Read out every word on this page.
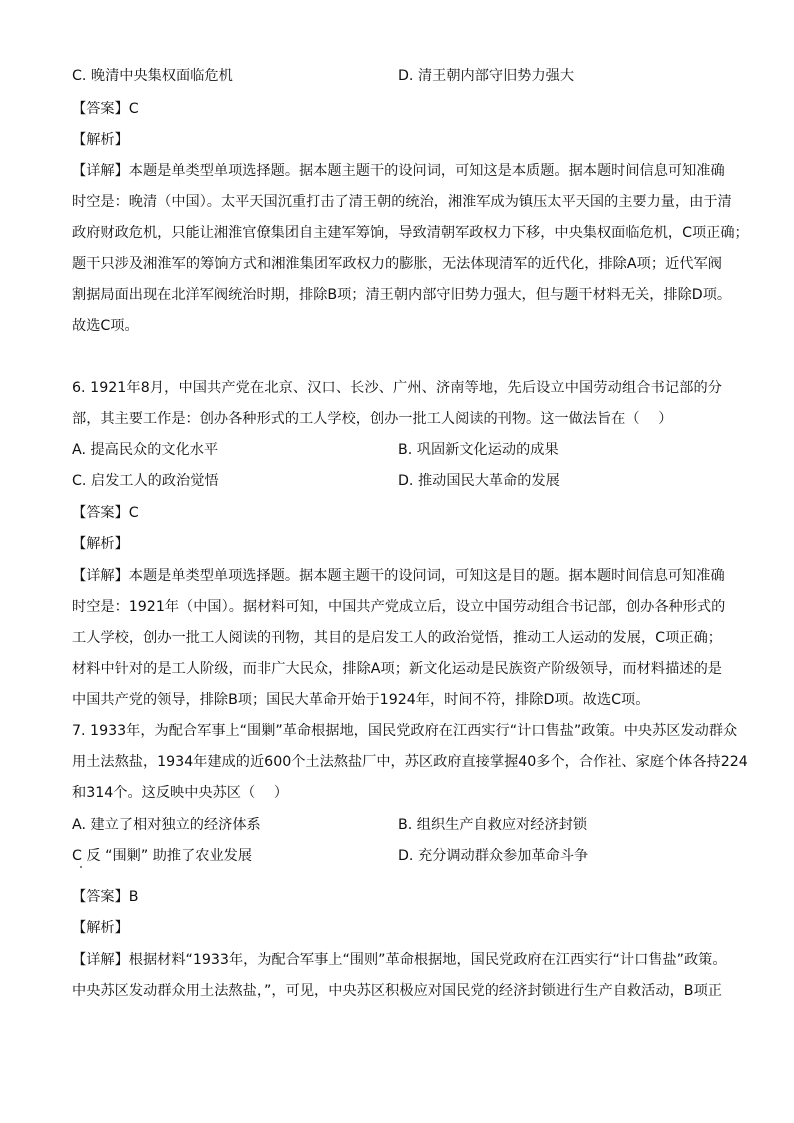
C. 晚清中央集权面临危机	D. 清王朝内部守旧势力强大
【答案】C
【解析】
【详解】本题是单类型单项选择题。据本题主题干的设问词，可知这是本质题。据本题时间信息可知准确
时空是：晚清（中国）。太平天国沉重打击了清王朝的统治，湘淮军成为镇压太平天国的主要力量，由于清
政府财政危机，只能让湘淮官僚集团自主建军筹饷，导致清朝军政权力下移，中央集权面临危机，C项正确；
题干只涉及湘淮军的筹饷方式和湘淮集团军政权力的膨胀，无法体现清军的近代化，排除A项；近代军阀
割据局面出现在北洋军阀统治时期，排除B项；清王朝内部守旧势力强大，但与题干材料无关，排除D项。
故选C项。
6. 1921年8月，中国共产党在北京、汉口、长沙、广州、济南等地，先后设立中国劳动组合书记部的分
部，其主要工作是：创办各种形式的工人学校，创办一批工人阅读的刊物。这一做法旨在（　 ）
A. 提高民众的文化水平	B. 巩固新文化运动的成果
C. 启发工人的政治觉悟	D. 推动国民大革命的发展
【答案】C
【解析】
【详解】本题是单类型单项选择题。据本题主题干的设问词，可知这是目的题。据本题时间信息可知准确
时空是：1921年（中国）。据材料可知，中国共产党成立后，设立中国劳动组合书记部，创办各种形式的
工人学校，创办一批工人阅读的刊物，其目的是启发工人的政治觉悟，推动工人运动的发展，C项正确；
材料中针对的是工人阶级，而非广大民众，排除A项；新文化运动是民族资产阶级领导，而材料描述的是
中国共产党的领导，排除B项；国民大革命开始于1924年，时间不符，排除D项。故选C项。
7. 1933年，为配合军事上“围剿”革命根据地，国民党政府在江西实行“计口售盐”政策。中央苏区发动群众
用土法熬盐，1934年建成的近600个土法熬盐厂中，苏区政府直接掌握40多个，合作社、家庭个体各持224
和314个。这反映中央苏区（　 ）
A. 建立了相对独立的经济体系	B. 组织生产自救应对经济封锁
C 反 “围剿” 助推了农业发展	D. 充分调动群众参加革命斗争
【答案】B
【解析】
【详解】根据材料“1933年，为配合军事上“围则”革命根据地，国民党政府在江西实行“计口售盐”政策。
中央苏区发动群众用土法熬盐，”，可见，中央苏区积极应对国民党的经济封锁进行生产自救活动，B项正
